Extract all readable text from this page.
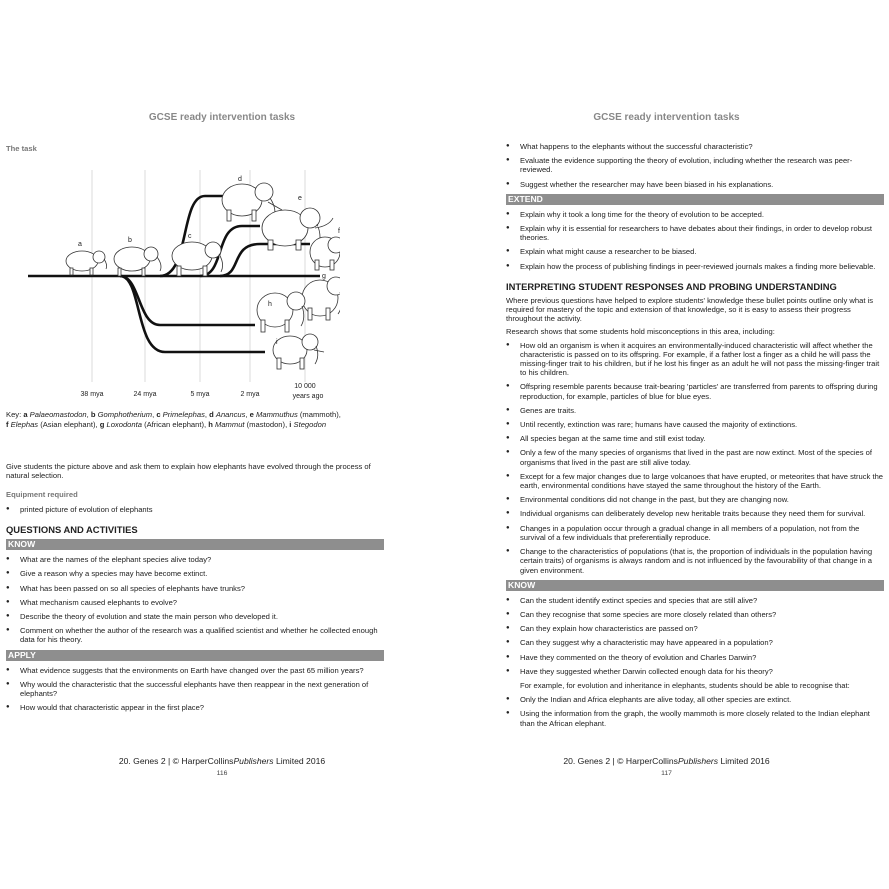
GCSE ready intervention tasks
The task
a
b
c
d
e
f
g
h
i
38 mya	24 mya	5 mya	2 mya
10 000
years ago
Key: a Palaeomastodon, b Gomphotherium, c Primelephas, d Anancus, e Mammuthus (mammoth),
f Elephas (Asian elephant), g Loxodonta (African elephant), h Mammut (mastodon), i Stegodon
Give students the picture above and ask them to explain how elephants have evolved through the process of natural selection.
Equipment required
● printed picture of evolution of elephants
QUESTIONS AND ACTIVITIES
KNOW
● What are the names of the elephant species alive today?
● Give a reason why a species may have become extinct.
● What has been passed on so all species of elephants have trunks?
● What mechanism caused elephants to evolve?
● Describe the theory of evolution and state the main person who developed it.
● Comment on whether the author of the research was a qualified scientist and whether he collected enough data for his theory.
APPLY
● What evidence suggests that the environments on Earth have changed over the past 65 million years?
● Why would the characteristic that the successful elephants have then reappear in the next generation of elephants?
● How would that characteristic appear in the first place?
20. Genes 2 | © HarperCollinsPublishers Limited 2016
116
GCSE ready intervention tasks
● What happens to the elephants without the successful characteristic?
● Evaluate the evidence supporting the theory of evolution, including whether the research was peer-reviewed.
● Suggest whether the researcher may have been biased in his explanations.
EXTEND
● Explain why it took a long time for the theory of evolution to be accepted.
● Explain why it is essential for researchers to have debates about their findings, in order to develop robust theories.
● Explain what might cause a researcher to be biased.
● Explain how the process of publishing findings in peer-reviewed journals makes a finding more believable.
INTERPRETING STUDENT RESPONSES AND PROBING UNDERSTANDING
Where previous questions have helped to explore students' knowledge these bullet points outline only what is required for mastery of the topic and extension of that knowledge, so it is easy to assess their progress throughout the activity.
Research shows that some students hold misconceptions in this area, including:
● How old an organism is when it acquires an environmentally-induced characteristic will affect whether the characteristic is passed on to its offspring. For example, if a father lost a finger as a child he will pass the missing-finger trait to his children, but if he lost his finger as an adult he will not pass the missing-finger trait to his children.
● Offspring resemble parents because trait-bearing 'particles' are transferred from parents to offspring during reproduction, for example, particles of blue for blue eyes.
● Genes are traits.
● Until recently, extinction was rare; humans have caused the majority of extinctions.
● All species began at the same time and still exist today.
● Only a few of the many species of organisms that lived in the past are now extinct. Most of the species of organisms that lived in the past are still alive today.
● Except for a few major changes due to large volcanoes that have erupted, or meteorites that have struck the earth, environmental conditions have stayed the same throughout the history of the Earth.
● Environmental conditions did not change in the past, but they are changing now.
● Individual organisms can deliberately develop new heritable traits because they need them for survival.
● Changes in a population occur through a gradual change in all members of a population, not from the survival of a few individuals that preferentially reproduce.
● Change to the characteristics of populations (that is, the proportion of individuals in the population having certain traits) of organisms is always random and is not influenced by the favourability of that change in a given environment.
KNOW
● Can the student identify extinct species and species that are still alive?
● Can they recognise that some species are more closely related than others?
● Can they explain how characteristics are passed on?
● Can they suggest why a characteristic may have appeared in a population?
● Have they commented on the theory of evolution and Charles Darwin?
● Have they suggested whether Darwin collected enough data for his theory?
For example, for evolution and inheritance in elephants, students should be able to recognise that:
● Only the Indian and Africa elephants are alive today, all other species are extinct.
● Using the information from the graph, the woolly mammoth is more closely related to the Indian elephant than the African elephant.
20. Genes 2 | © HarperCollinsPublishers Limited 2016
117
